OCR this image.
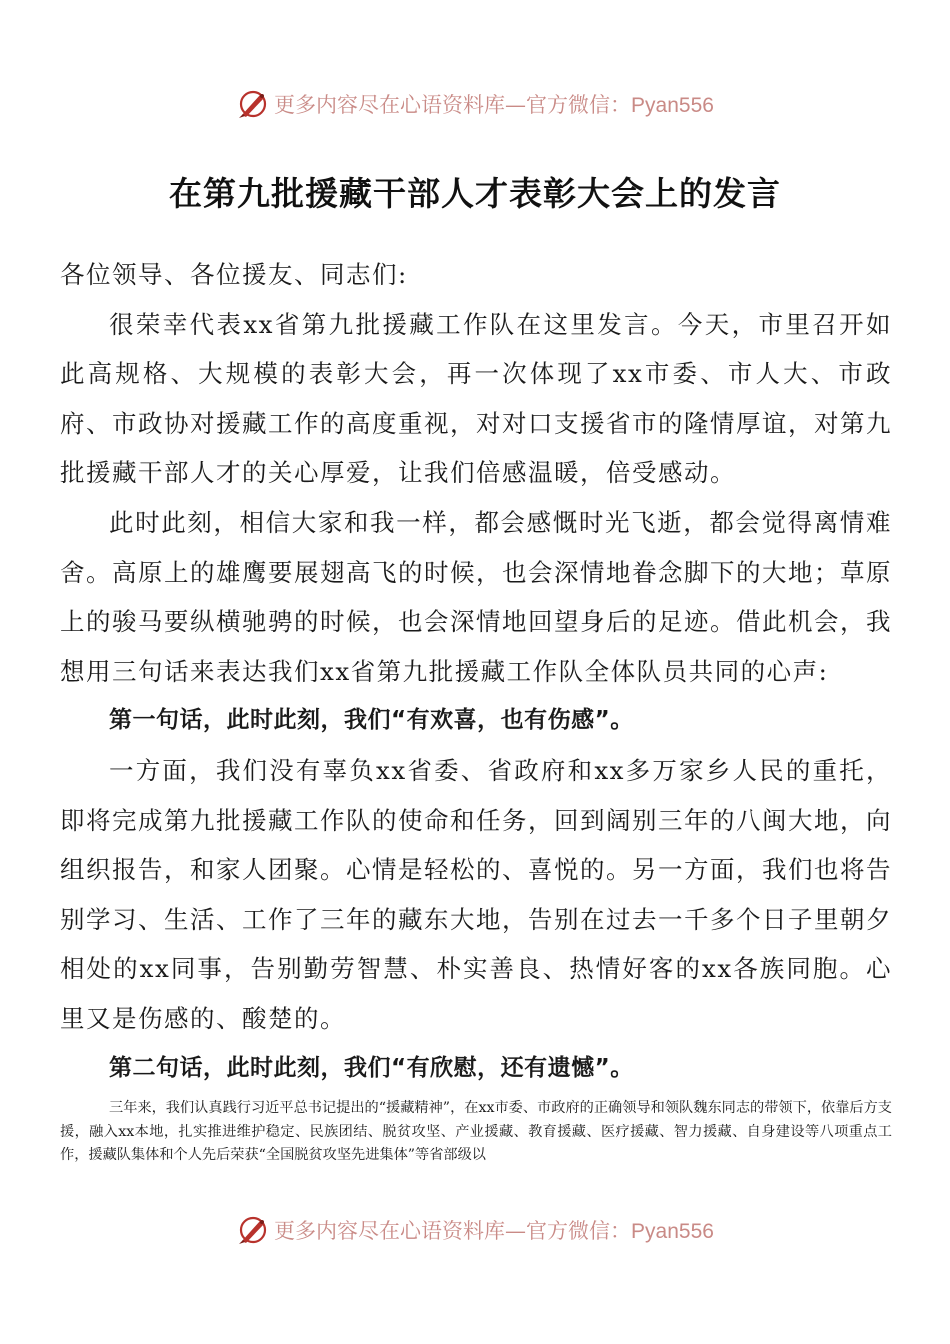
更多内容尽在心语资料库—官方微信：Pyan556
在第九批援藏干部人才表彰大会上的发言

各位领导、各位援友、同志们:

很荣幸代表xx省第九批援藏工作队在这里发言。今天，市里召开如此高规格、大规模的表彰大会，再一次体现了xx市委、市人大、市政府、市政协对援藏工作的高度重视，对对口支援省市的隆情厚谊，对第九批援藏干部人才的关心厚爱，让我们倍感温暖，倍受感动。

此时此刻，相信大家和我一样，都会感慨时光飞逝，都会觉得离情难舍。高原上的雄鹰要展翅高飞的时候，也会深情地眷念脚下的大地；草原上的骏马要纵横驰骋的时候，也会深情地回望身后的足迹。借此机会，我想用三句话来表达我们xx省第九批援藏工作队全体队员共同的心声:

第一句话，此时此刻，我们“有欢喜，也有伤感”。

一方面，我们没有辜负xx省委、省政府和xx多万家乡人民的重托，即将完成第九批援藏工作队的使命和任务，回到阔别三年的八闽大地，向组织报告，和家人团聚。心情是轻松的、喜悦的。另一方面，我们也将告别学习、生活、工作了三年的藏东大地，告别在过去一千多个日子里朝夕相处的xx同事，告别勤劳智慧、朴实善良、热情好客的xx各族同胞。心里又是伤感的、酸楚的。

第二句话，此时此刻，我们“有欣慰，还有遗憾”。

三年来，我们认真践行习近平总书记提出的“援藏精神”，在xx市委、市政府的正确领导和领队魏东同志的带领下，依靠后方支援，融入xx本地，扎实推进维护稳定、民族团结、脱贫攻坚、产业援藏、教育援藏、医疗援藏、智力援藏、自身建设等八项重点工作，援藏队集体和个人先后荣获“全国脱贫攻坚先进集体”等省部级以

更多内容尽在心语资料库—官方微信：Pyan556
